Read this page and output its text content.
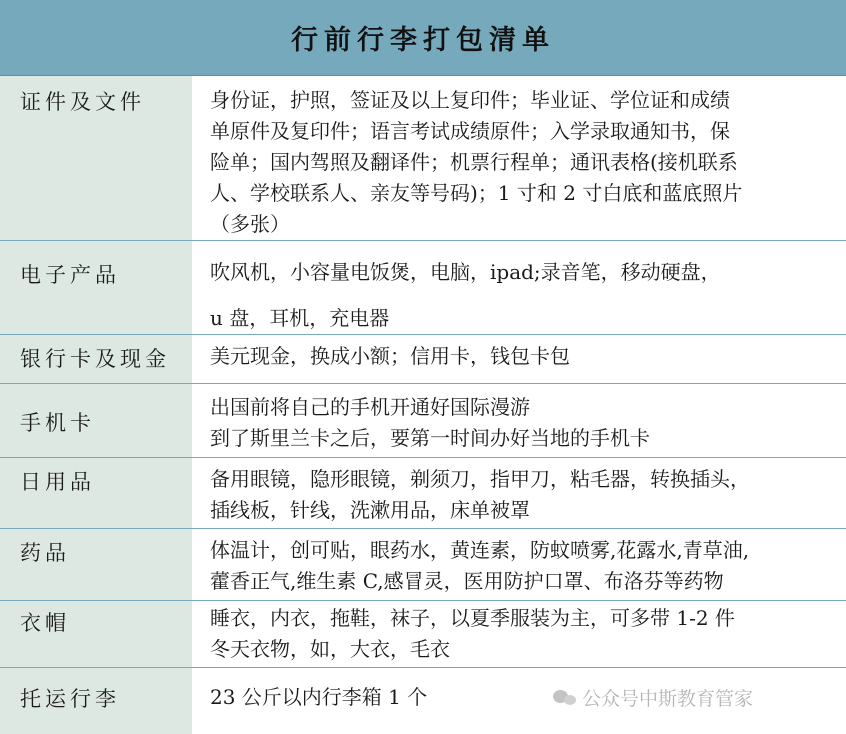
行前行李打包清单
证件及文件	身份证，护照，签证及以上复印件；毕业证、学位证和成绩
单原件及复印件；语言考试成绩原件；入学录取通知书，保
险单；国内驾照及翻译件；机票行程单；通讯表格(接机联系
人、学校联系人、亲友等号码)；1 寸和 2 寸白底和蓝底照片
（多张）

电子产品	吹风机，小容量电饭煲，电脑，ipad;录音笔，移动硬盘，
u 盘，耳机，充电器

银行卡及现金	美元现金，换成小额；信用卡，钱包卡包

手机卡	出国前将自己的手机开通好国际漫游
到了斯里兰卡之后，要第一时间办好当地的手机卡

日用品	备用眼镜，隐形眼镜，剃须刀，指甲刀，粘毛器，转换插头，
插线板，针线，洗漱用品，床单被罩

药品	体温计，创可贴，眼药水，黄连素，防蚊喷雾,花露水,青草油,
藿香正气,维生素 C,感冒灵，医用防护口罩、布洛芬等药物

衣帽	睡衣，内衣，拖鞋，袜子，以夏季服装为主，可多带 1-2 件
冬天衣物，如，大衣，毛衣

托运行李	23 公斤以内行李箱 1 个	公众号中斯教育管家
